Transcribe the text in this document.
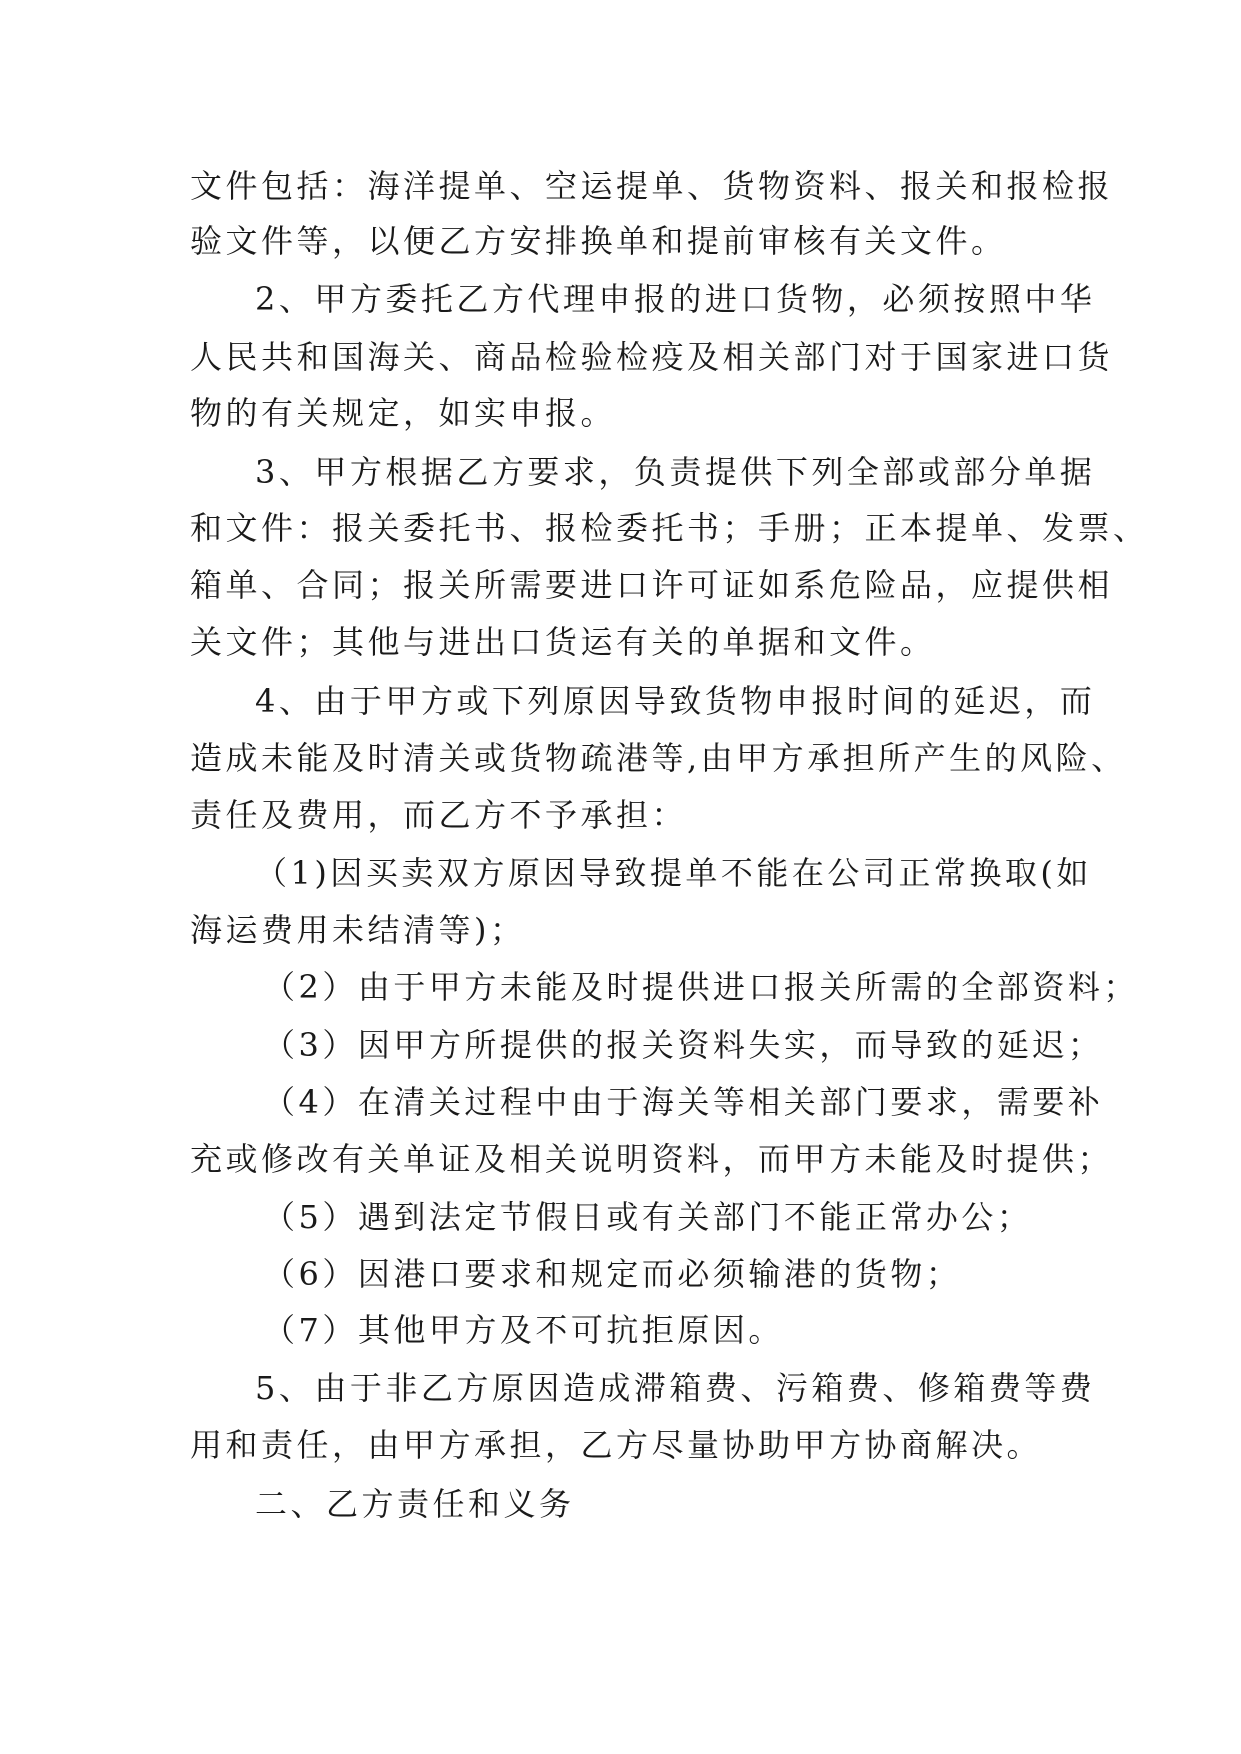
文件包括：海洋提单、空运提单、货物资料、报关和报检报
验文件等，以便乙方安排换单和提前审核有关文件。
2、甲方委托乙方代理申报的进口货物，必须按照中华
人民共和国海关、商品检验检疫及相关部门对于国家进口货
物的有关规定，如实申报。
3、甲方根据乙方要求，负责提供下列全部或部分单据
和文件：报关委托书、报检委托书；手册；正本提单、发票、
箱单、合同；报关所需要进口许可证如系危险品，应提供相
关文件；其他与进出口货运有关的单据和文件。
4、由于甲方或下列原因导致货物申报时间的延迟，而
造成未能及时清关或货物疏港等,由甲方承担所产生的风险、
责任及费用，而乙方不予承担：
（1)因买卖双方原因导致提单不能在公司正常换取(如
海运费用未结清等)；
（2）由于甲方未能及时提供进口报关所需的全部资料；
（3）因甲方所提供的报关资料失实，而导致的延迟；
（4）在清关过程中由于海关等相关部门要求，需要补
充或修改有关单证及相关说明资料，而甲方未能及时提供；
（5）遇到法定节假日或有关部门不能正常办公；
（6）因港口要求和规定而必须输港的货物；
（7）其他甲方及不可抗拒原因。
5、由于非乙方原因造成滞箱费、污箱费、修箱费等费
用和责任，由甲方承担，乙方尽量协助甲方协商解决。
二、乙方责任和义务
